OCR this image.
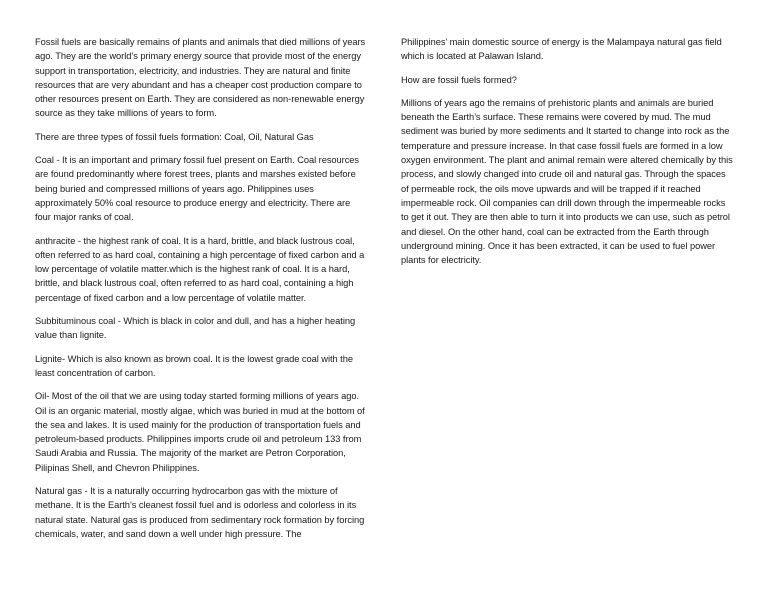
Fossil fuels are basically remains of plants and animals that died millions of years ago. They are the world’s primary energy source that provide most of the energy support in transportation, electricity, and industries. They are natural and finite resources that are very abundant and has a cheaper cost production compare to other resources present on Earth. They are considered as non-renewable energy source as they take millions of years to form.

There are three types of fossil fuels formation: Coal, Oil, Natural Gas

Coal - It is an important and primary fossil fuel present on Earth. Coal resources are found predominantly where forest trees, plants and marshes existed before being buried and compressed millions of years ago. Philippines uses approximately 50% coal resource to produce energy and electricity. There are four major ranks of coal.

anthracite - the highest rank of coal. It is a hard, brittle, and black lustrous coal, often referred to as hard coal, containing a high percentage of fixed carbon and a low percentage of volatile matter.which is the highest rank of coal. It is a hard, brittle, and black lustrous coal, often referred to as hard coal, containing a high percentage of fixed carbon and a low percentage of volatile matter.

Subbituminous coal - Which is black in color and dull, and has a higher heating value than lignite.

Lignite- Which is also known as brown coal. It is the lowest grade coal with the least concentration of carbon.

Oil- Most of the oil that we are using today started forming millions of years ago. Oil is an organic material, mostly algae, which was buried in mud at the bottom of the sea and lakes. It is used mainly for the production of transportation fuels and petroleum-based products. Philippines imports crude oil and petroleum 133 from Saudi Arabia and Russia. The majority of the market are Petron Corporation, Pilipinas Shell, and Chevron Philippines.

Natural gas - It is a naturally occurring hydrocarbon gas with the mixture of methane. It is the Earth’s cleanest fossil fuel and is odorless and colorless in its natural state. Natural gas is produced from sedimentary rock formation by forcing chemicals, water, and sand down a well under high pressure. The

Philippines’ main domestic source of energy is the Malampaya natural gas field which is located at Palawan Island.

How are fossil fuels formed?

Millions of years ago the remains of prehistoric plants and animals are buried beneath the Earth’s surface. These remains were covered by mud. The mud sediment was buried by more sediments and It started to change into rock as the temperature and pressure increase. In that case fossil fuels are formed in a low oxygen environment. The plant and animal remain were altered chemically by this process, and slowly changed into crude oil and natural gas. Through the spaces of permeable rock, the oils move upwards and will be trapped if it reached impermeable rock. Oil companies can drill down through the impermeable rocks to get it out. They are then able to turn it into products we can use, such as petrol and diesel. On the other hand, coal can be extracted from the Earth through underground mining. Once it has been extracted, it can be used to fuel power plants for electricity.
